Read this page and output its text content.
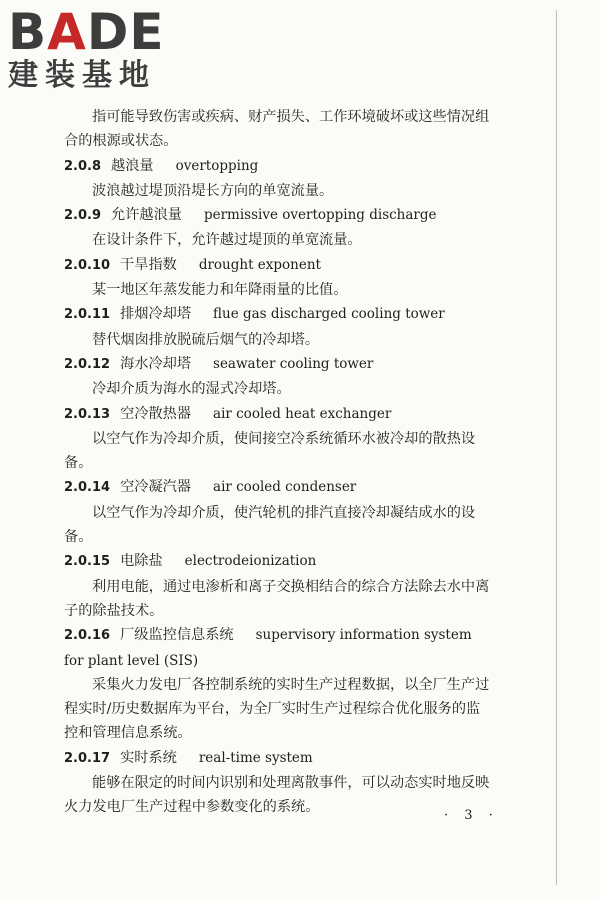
BADE
建装基地

指可能导致伤害或疾病、财产损失、工作环境破坏或这些情况组合的根源或状态。

2.0.8 越浪量 overtopping

波浪越过堤顶沿堤长方向的单宽流量。

2.0.9 允许越浪量 permissive overtopping discharge

在设计条件下，允许越过堤顶的单宽流量。

2.0.10 干旱指数 drought exponent

某一地区年蒸发能力和年降雨量的比值。

2.0.11 排烟冷却塔 flue gas discharged cooling tower

替代烟囱排放脱硫后烟气的冷却塔。

2.0.12 海水冷却塔 seawater cooling tower

冷却介质为海水的湿式冷却塔。

2.0.13 空冷散热器 air cooled heat exchanger

以空气作为冷却介质，使间接空冷系统循环水被冷却的散热设备。

2.0.14 空冷凝汽器 air cooled condenser

以空气作为冷却介质，使汽轮机的排汽直接冷却凝结成水的设备。

2.0.15 电除盐 electrodeionization

利用电能，通过电渗析和离子交换相结合的综合方法除去水中离子的除盐技术。

2.0.16 厂级监控信息系统 supervisory information system for plant level (SIS)

采集火力发电厂各控制系统的实时生产过程数据，以全厂生产过程实时/历史数据库为平台，为全厂实时生产过程综合优化服务的监控和管理信息系统。

2.0.17 实时系统 real-time system

能够在限定的时间内识别和处理离散事件，可以动态实时地反映火力发电厂生产过程中参数变化的系统。

· 3 ·
